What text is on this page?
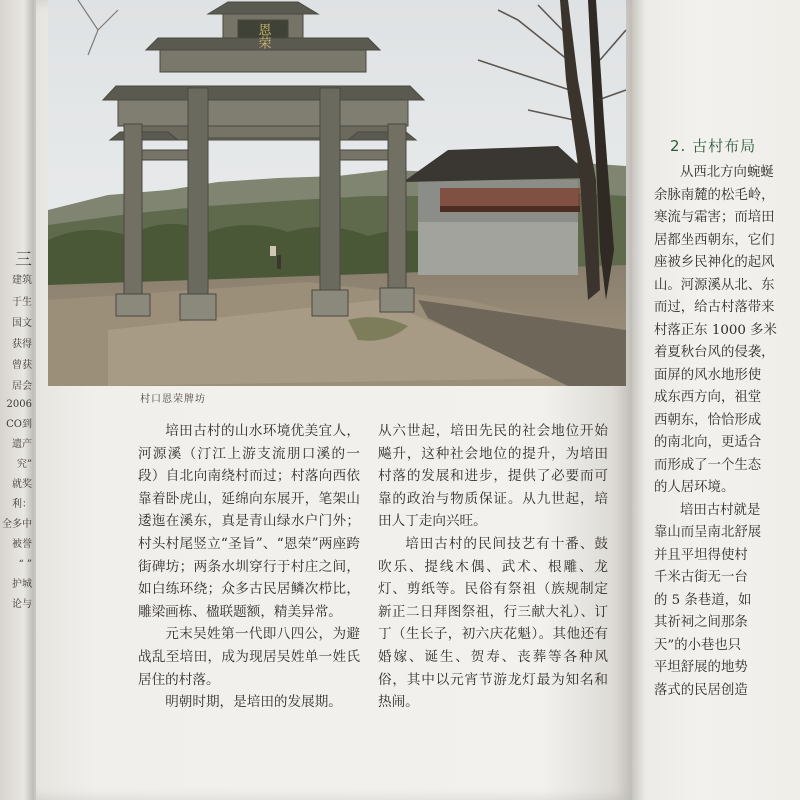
三
建筑
于生
国文
获得
曾获
居会
2006
CO到
遗产
究”
就奖
利：
全多中
被誉
“ ”
护城
论与
恩荣
村口恩荣牌坊

培田古村的山水环境优美宜人，河源溪（汀江上游支流朋口溪的一段）自北向南绕村而过；村落向西依靠着卧虎山，延绵向东展开，笔架山逶迤在溪东，真是青山绿水户门外；村头村尾竖立“圣旨”、“恩荣”两座跨街碑坊；两条水圳穿行于村庄之间，如白练环绕；众多古民居鳞次栉比，雕梁画栋、楹联题额，精美异常。

元末吴姓第一代即八四公，为避战乱至培田，成为现居吴姓单一姓氏居住的村落。

明朝时期，是培田的发展期。

从六世起，培田先民的社会地位开始飚升，这种社会地位的提升，为培田村落的发展和进步，提供了必要而可靠的政治与物质保证。从九世起，培田人丁走向兴旺。

培田古村的民间技艺有十番、鼓吹乐、提线木偶、武术、根雕、龙灯、剪纸等。民俗有祭祖（族规制定新正二日拜图祭祖，行三献大礼）、订丁（生长子，初六庆花魁）。其他还有婚嫁、诞生、贺寿、丧葬等各种风俗，其中以元宵节游龙灯最为知名和热闹。

2. 古村布局
从西北方向蜿蜒
余脉南麓的松毛岭，
寒流与霜害；而培田
居都坐西朝东，它们
座被乡民神化的起风
山。河源溪从北、东
而过，给古村落带来
村落正东 1000 多米
着夏秋台风的侵袭，
面屏的风水地形使
成东西方向，祖堂
西朝东，恰恰形成
的南北向，更适合
而形成了一个生态
的人居环境。
培田古村就是
靠山而呈南北舒展
并且平坦得使村
千米古街无一台
的 5 条巷道，如
其祈祠之间那条
天”的小巷也只
平坦舒展的地势
落式的民居创造
